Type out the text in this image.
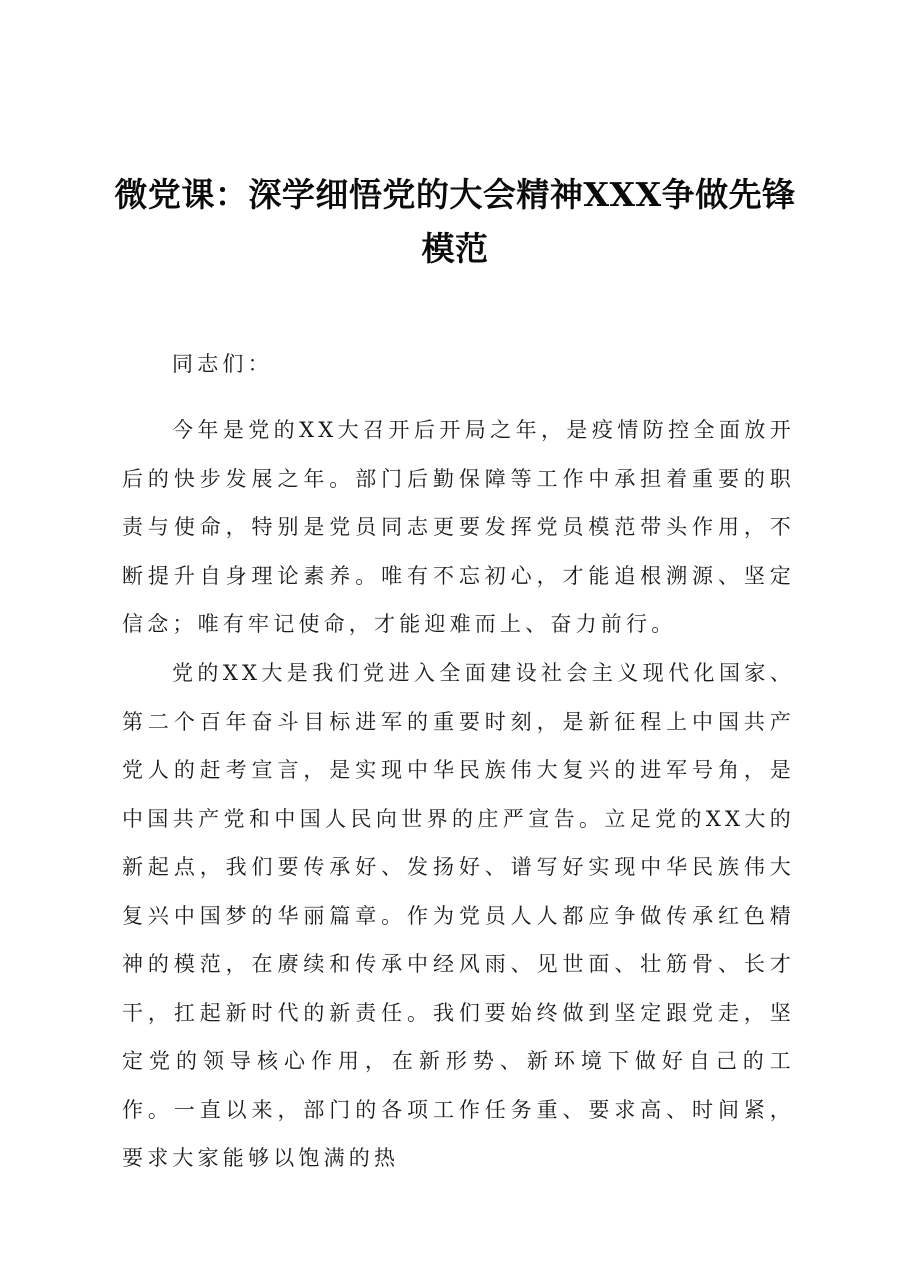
微党课：深学细悟党的大会精神XXX争做先锋模范

同志们：

今年是党的XX大召开后开局之年，是疫情防控全面放开后的快步发展之年。部门后勤保障等工作中承担着重要的职责与使命，特别是党员同志更要发挥党员模范带头作用，不断提升自身理论素养。唯有不忘初心，才能追根溯源、坚定信念；唯有牢记使命，才能迎难而上、奋力前行。

党的XX大是我们党进入全面建设社会主义现代化国家、第二个百年奋斗目标进军的重要时刻，是新征程上中国共产党人的赶考宣言，是实现中华民族伟大复兴的进军号角，是中国共产党和中国人民向世界的庄严宣告。立足党的XX大的新起点，我们要传承好、发扬好、谱写好实现中华民族伟大复兴中国梦的华丽篇章。作为党员人人都应争做传承红色精神的模范，在赓续和传承中经风雨、见世面、壮筋骨、长才干，扛起新时代的新责任。我们要始终做到坚定跟党走，坚定党的领导核心作用，在新形势、新环境下做好自己的工作。一直以来，部门的各项工作任务重、要求高、时间紧，要求大家能够以饱满的热
